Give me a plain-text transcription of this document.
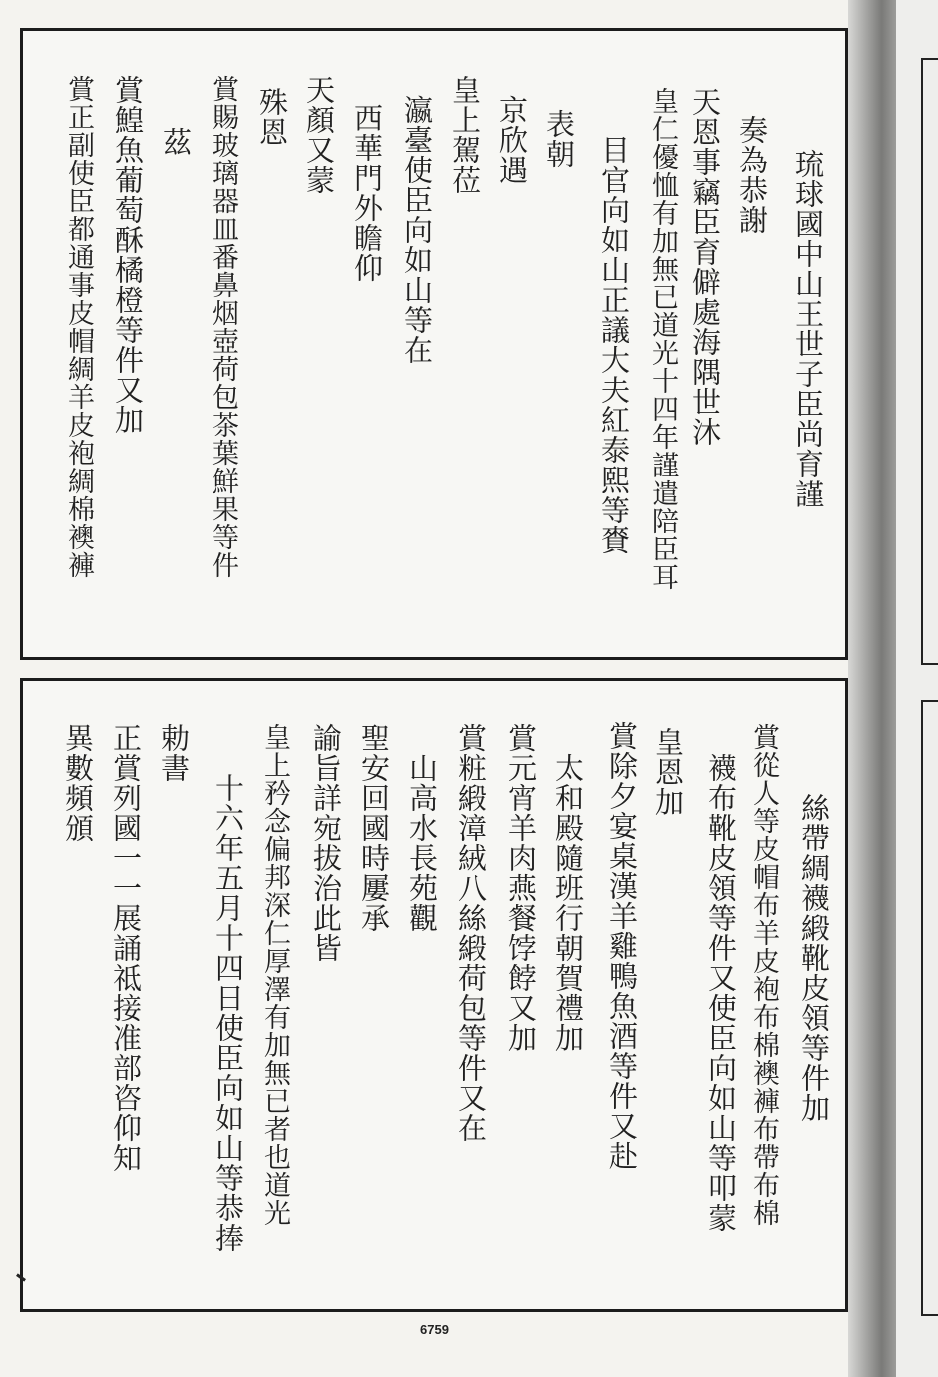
琉球國中山王世子臣尚育謹
奏為恭謝
天恩事竊臣育僻處海隅世沐
皇仁優恤有加無已道光十四年謹遣陪臣耳
目官向如山正議大夫紅泰熙等賚
表朝
京欣遇
皇上駕莅
瀛臺使臣向如山等在
西華門外瞻仰
天顏又蒙
殊恩
賞賜玻璃器皿番鼻烟壺荷包茶葉鮮果等件
茲
賞鰉魚葡萄酥橘橙等件又加
賞正副使臣都通事皮帽綢羊皮袍綢棉襖褲
絲帶綢襪緞靴皮領等件加
賞從人等皮帽布羊皮袍布棉襖褲布帶布棉
襪布靴皮領等件又使臣向如山等叩蒙
皇恩加
賞除夕宴桌漢羊雞鴨魚酒等件又赴
太和殿隨班行朝賀禮加
賞元宵羊肉燕餐饽餑又加
賞粧緞漳絨八絲緞荷包等件又在
山高水長苑觀
聖安回國時屢承
諭旨詳宛拔治此皆
皇上矜念偏邦深仁厚澤有加無已者也道光
十六年五月十四日使臣向如山等恭捧
勅書
正賞列國一一展誦祗接准部咨仰知
異數頻頒
6759
